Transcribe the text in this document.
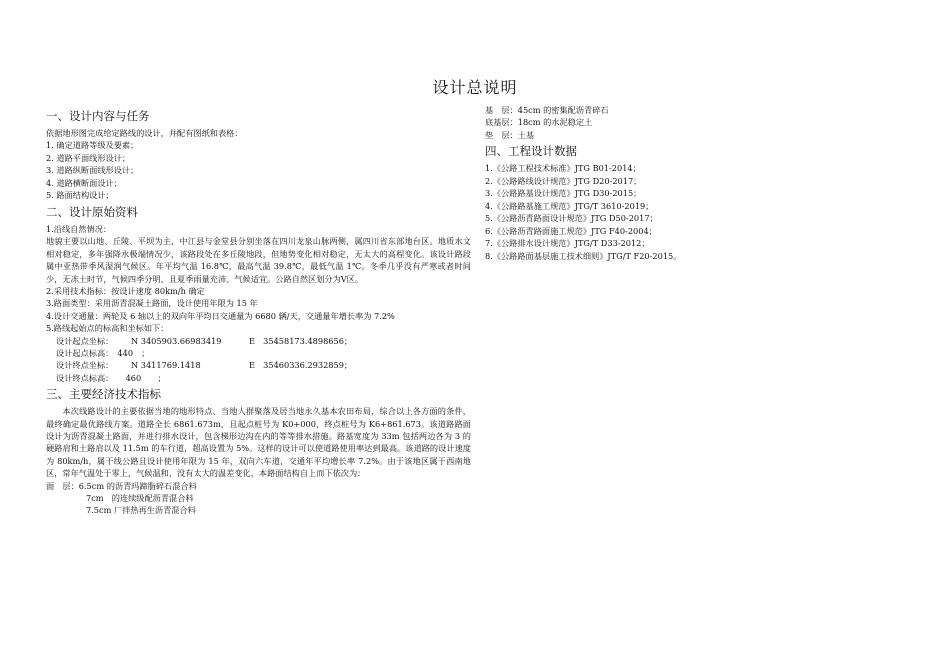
设计总说明
一、设计内容与任务
依据地形图完成给定路线的设计，并配有图纸和表格：
1. 确定道路等级及要素；
2. 道路平面线形设计；
3. 道路纵断面线形设计；
4. 道路横断面设计；
5. 路面结构设计；
二、设计原始资料
1.沿线自然情况：
地貌主要以山地、丘陵、平坝为主，中江县与金堂县分别坐落在四川龙泉山脉两侧，属四川省东部地台区。地质水文相对稳定，多年强降水极端情况少，该路段处在多丘陵地段，但地势变化相对稳定，无太大的高程变化。该设计路段属中亚热带季风湿润气候区。年平均气温 16.8℃，最高气温 39.8℃，最低气温 1℃。冬季几乎没有严寒或者时间少，无冻土时节，气候四季分明，且夏季雨量充沛、气候适宜。公路自然区划分为V区。
2.采用技术指标：按设计速度 80km/h 确定
3.路面类型：采用沥青混凝土路面，设计使用年限为 15 年
4.设计交通量：两轮及 6 轴以上的双向年平均日交通量为 6680 辆/天，交通量年增长率为 7.2%
5.路线起始点的标高和坐标如下：
设计起点坐标：	N 3405903.66983419	E　35458173.4898656；
设计起点标高：　440　；
设计终点坐标：	N 3411769.1418	E　35460336.2932859；
设计终点标高：　　460　　；
三、主要经济技术指标
本次线路设计的主要依据当地的地形特点、当地人群聚落及居当地永久基本农田布局，综合以上各方面的条件，最终确定最优路线方案。道路全长 6861.673m，且起点桩号为 K0+000，终点桩号为 K6+861.673。该道路路面设计为沥青混凝土路面，并进行排水设计，包含梯形边沟在内的等等排水措施。路基宽度为 33m 包括两边各为 3 的硬路肩和土路肩以及 11.5m 的车行道，超高设置为 5%。这样的设计可以使道路使用率达到最高。该道路的设计速度为 80km/h，属干线公路且设计使用年限为 15 年，双向六车道，交通年平均增长率 7.2%。由于该地区属于西南地区，常年气温处于零上，气候温和，没有太大的温差变化，本路面结构自上而下依次为：
面　层：6.5cm 的沥青玛蹄脂碎石混合料
7cm　的连续级配沥青混合料
7.5cm 厂拌热再生沥青混合料
基　层：45cm 的密集配沥青碎石
底基层：18cm 的水泥稳定土
垫　层：土基
四、工程设计数据
1.《公路工程技术标准》JTG B01-2014；
2.《公路路线设计规范》JTG D20-2017；
3.《公路路基设计规范》JTG D30-2015；
4.《公路路基施工规范》JTG/T 3610-2019；
5.《公路沥青路面设计规范》JTG D50-2017；
6.《公路沥青路面施工规范》JTG F40-2004；
7.《公路排水设计规范》JTG/T D33-2012；
8.《公路路面基层施工技术细则》JTG/T F20-2015。
